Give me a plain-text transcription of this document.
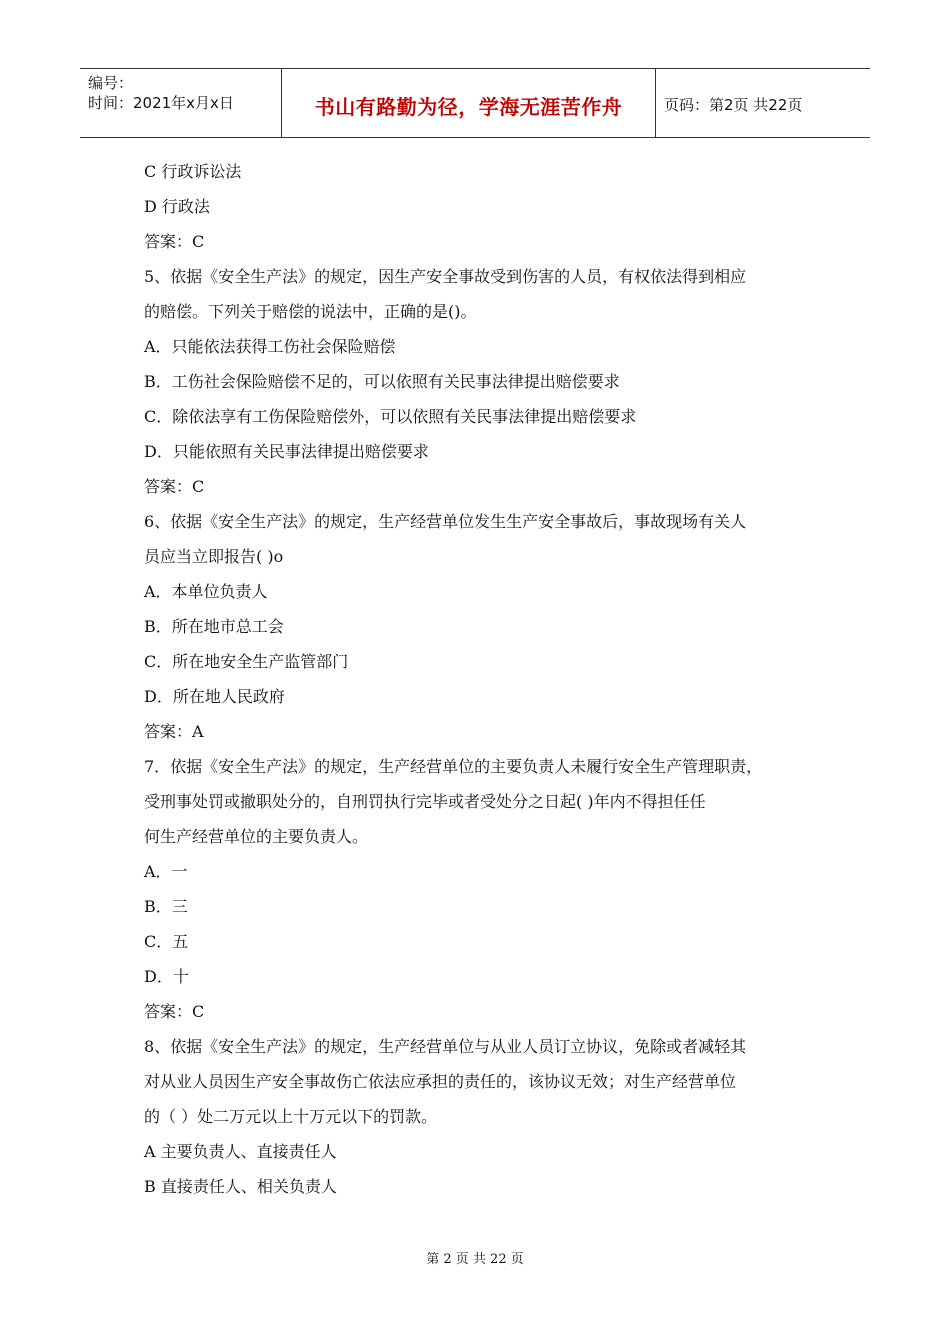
编号：
时间：2021年x月x日	书山有路勤为径，学海无涯苦作舟	页码：第2页 共22页
C 行政诉讼法
D 行政法
答案：C
5、依据《安全生产法》的规定，因生产安全事故受到伤害的人员，有权依法得到相应
的赔偿。下列关于赔偿的说法中，正确的是()。
A．只能依法获得工伤社会保险赔偿
B．工伤社会保险赔偿不足的，可以依照有关民事法律提出赔偿要求
C．除依法享有工伤保险赔偿外，可以依照有关民事法律提出赔偿要求
D．只能依照有关民事法律提出赔偿要求
答案：C
6、依据《安全生产法》的规定，生产经营单位发生生产安全事故后，事故现场有关人
员应当立即报告( )o
A．本单位负责人
B．所在地市总工会
C．所在地安全生产监管部门
D．所在地人民政府
答案：A
7．依据《安全生产法》的规定，生产经营单位的主要负责人未履行安全生产管理职责，
受刑事处罚或撤职处分的，自刑罚执行完毕或者受处分之日起( )年内不得担任任
何生产经营单位的主要负责人。
A．一
B．三
C．五
D．十
答案：C
8、依据《安全生产法》的规定，生产经营单位与从业人员订立协议，免除或者减轻其
对从业人员因生产安全事故伤亡依法应承担的责任的，该协议无效；对生产经营单位
的（ ）处二万元以上十万元以下的罚款。
A 主要负责人、直接责任人
B 直接责任人、相关负责人
第 2 页 共 22 页
